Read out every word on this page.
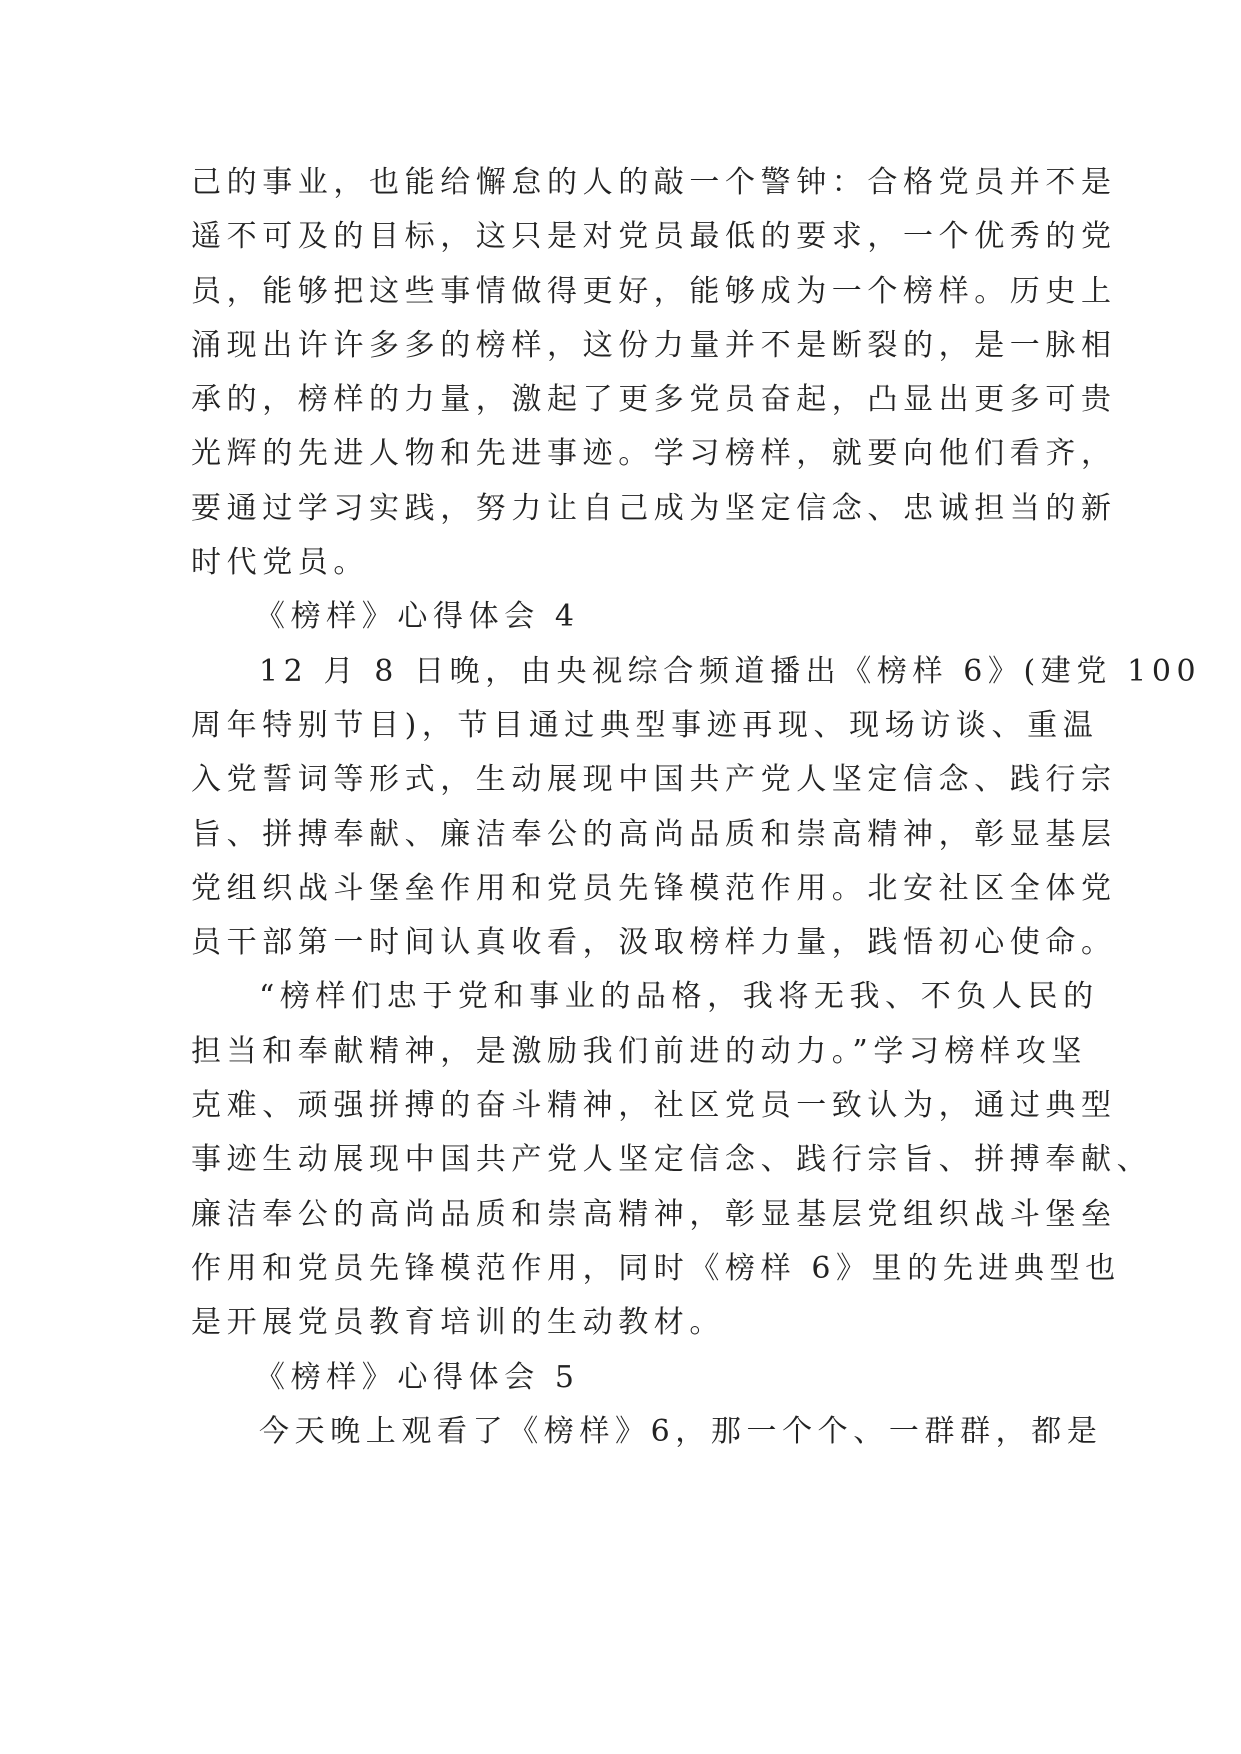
己的事业，也能给懈怠的人的敲一个警钟：合格党员并不是
遥不可及的目标，这只是对党员最低的要求，一个优秀的党
员，能够把这些事情做得更好，能够成为一个榜样。历史上
涌现出许许多多的榜样，这份力量并不是断裂的，是一脉相
承的，榜样的力量，激起了更多党员奋起，凸显出更多可贵
光辉的先进人物和先进事迹。学习榜样，就要向他们看齐，
要通过学习实践，努力让自己成为坚定信念、忠诚担当的新
时代党员。
《榜样》心得体会 4
12 月 8 日晚，由央视综合频道播出《榜样 6》(建党 100
周年特别节目)，节目通过典型事迹再现、现场访谈、重温
入党誓词等形式，生动展现中国共产党人坚定信念、践行宗
旨、拼搏奉献、廉洁奉公的高尚品质和崇高精神，彰显基层
党组织战斗堡垒作用和党员先锋模范作用。北安社区全体党
员干部第一时间认真收看，汲取榜样力量，践悟初心使命。
“榜样们忠于党和事业的品格，我将无我、不负人民的
担当和奉献精神，是激励我们前进的动力。”学习榜样攻坚
克难、顽强拼搏的奋斗精神，社区党员一致认为，通过典型
事迹生动展现中国共产党人坚定信念、践行宗旨、拼搏奉献、
廉洁奉公的高尚品质和崇高精神，彰显基层党组织战斗堡垒
作用和党员先锋模范作用，同时《榜样 6》里的先进典型也
是开展党员教育培训的生动教材。
《榜样》心得体会 5
今天晚上观看了《榜样》6，那一个个、一群群，都是
